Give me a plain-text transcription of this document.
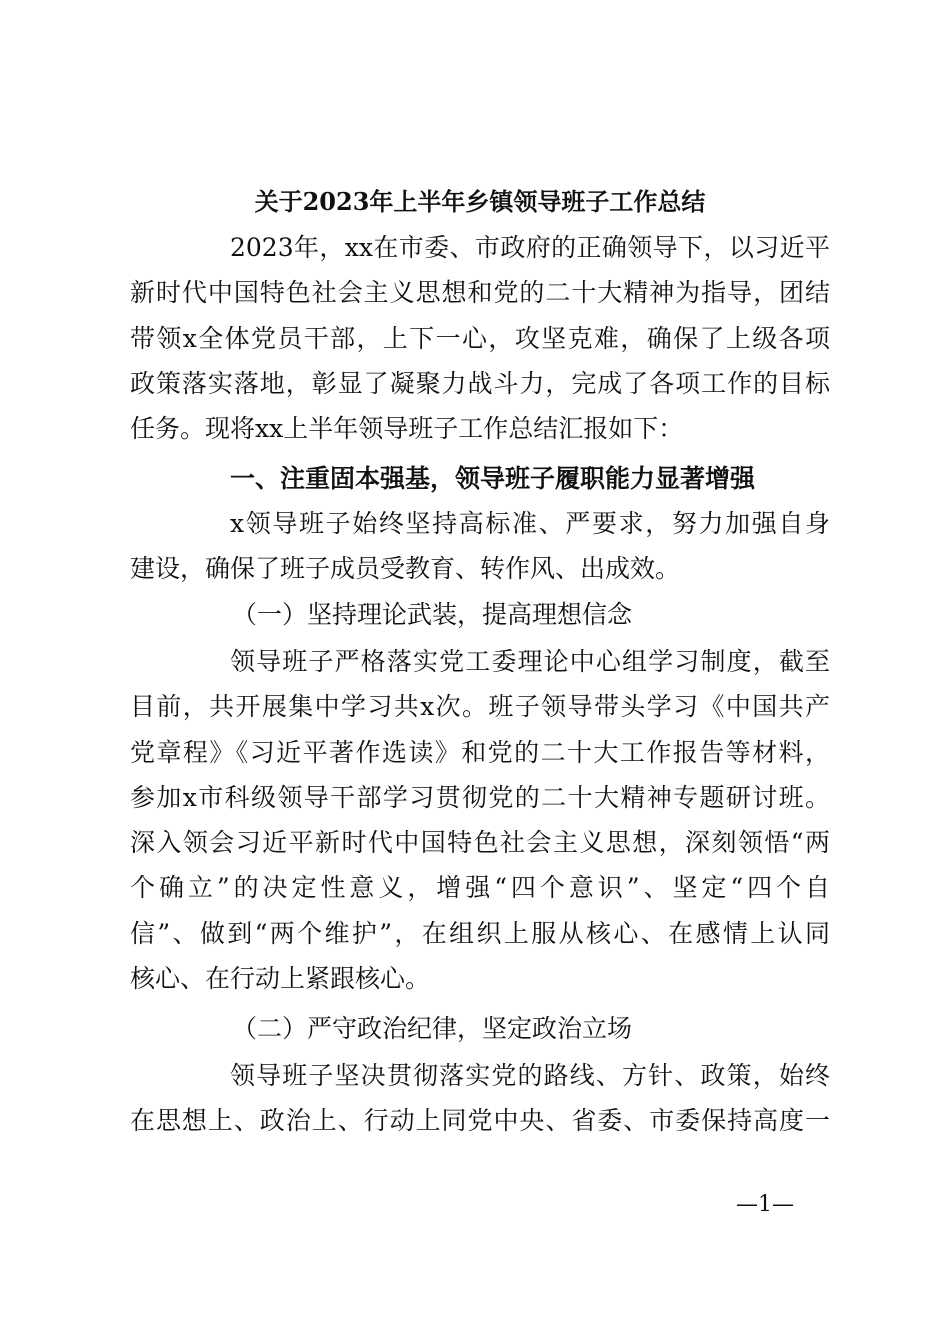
关于2023年上半年乡镇领导班子工作总结
2023年，xx在市委、市政府的正确领导下，以习近平
新时代中国特色社会主义思想和党的二十大精神为指导，团结
带领x全体党员干部，上下一心，攻坚克难，确保了上级各项
政策落实落地，彰显了凝聚力战斗力，完成了各项工作的目标
任务。现将xx上半年领导班子工作总结汇报如下：
一、注重固本强基，领导班子履职能力显著增强
x领导班子始终坚持高标准、严要求，努力加强自身
建设，确保了班子成员受教育、转作风、出成效。
（一）坚持理论武装，提高理想信念
领导班子严格落实党工委理论中心组学习制度，截至
目前，共开展集中学习共x次。班子领导带头学习《中国共产
党章程》《习近平著作选读》和党的二十大工作报告等材料，
参加x市科级领导干部学习贯彻党的二十大精神专题研讨班。
深入领会习近平新时代中国特色社会主义思想，深刻领悟“两
个确立”的决定性意义，增强“四个意识”、坚定“四个自
信”、做到“两个维护”，在组织上服从核心、在感情上认同
核心、在行动上紧跟核心。
（二）严守政治纪律，坚定政治立场
领导班子坚决贯彻落实党的路线、方针、政策，始终
在思想上、政治上、行动上同党中央、省委、市委保持高度一
—1—
